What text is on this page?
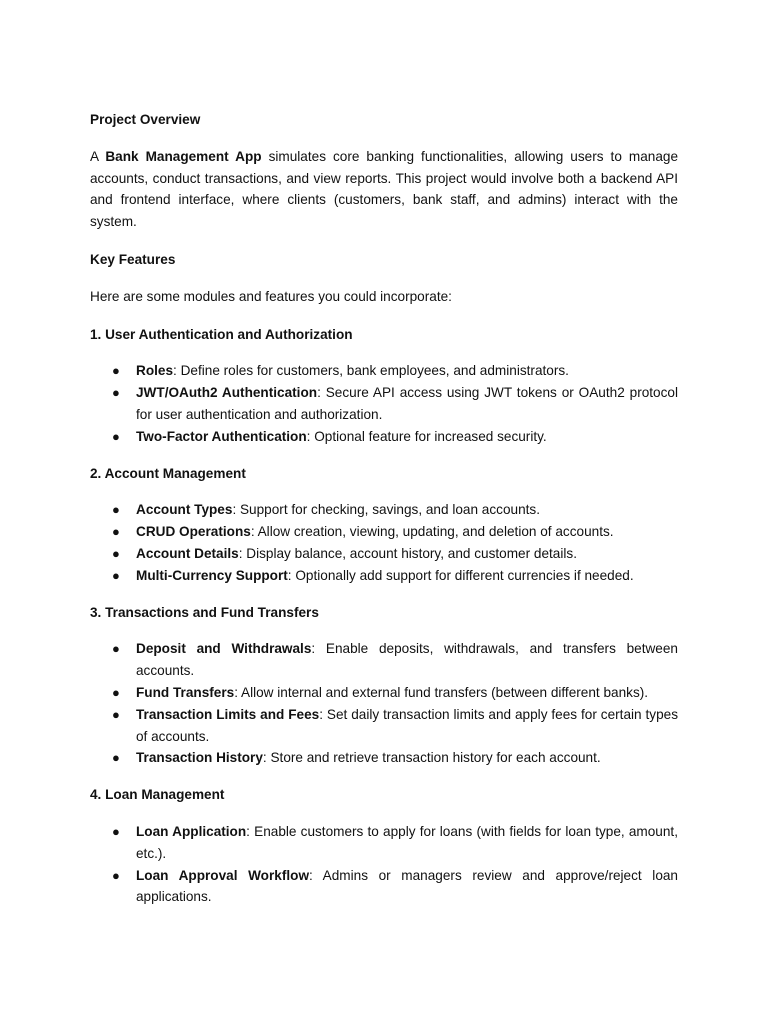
Project Overview

A Bank Management App simulates core banking functionalities, allowing users to manage accounts, conduct transactions, and view reports. This project would involve both a backend API and frontend interface, where clients (customers, bank staff, and admins) interact with the system.

Key Features

Here are some modules and features you could incorporate:

1. User Authentication and Authorization
● Roles: Define roles for customers, bank employees, and administrators.
● JWT/OAuth2 Authentication: Secure API access using JWT tokens or OAuth2 protocol for user authentication and authorization.
● Two-Factor Authentication: Optional feature for increased security.
2. Account Management
● Account Types: Support for checking, savings, and loan accounts.
● CRUD Operations: Allow creation, viewing, updating, and deletion of accounts.
● Account Details: Display balance, account history, and customer details.
● Multi-Currency Support: Optionally add support for different currencies if needed.
3. Transactions and Fund Transfers
● Deposit and Withdrawals: Enable deposits, withdrawals, and transfers between accounts.
● Fund Transfers: Allow internal and external fund transfers (between different banks).
● Transaction Limits and Fees: Set daily transaction limits and apply fees for certain types of accounts.
● Transaction History: Store and retrieve transaction history for each account.
4. Loan Management
● Loan Application: Enable customers to apply for loans (with fields for loan type, amount, etc.).
● Loan Approval Workflow: Admins or managers review and approve/reject loan applications.
